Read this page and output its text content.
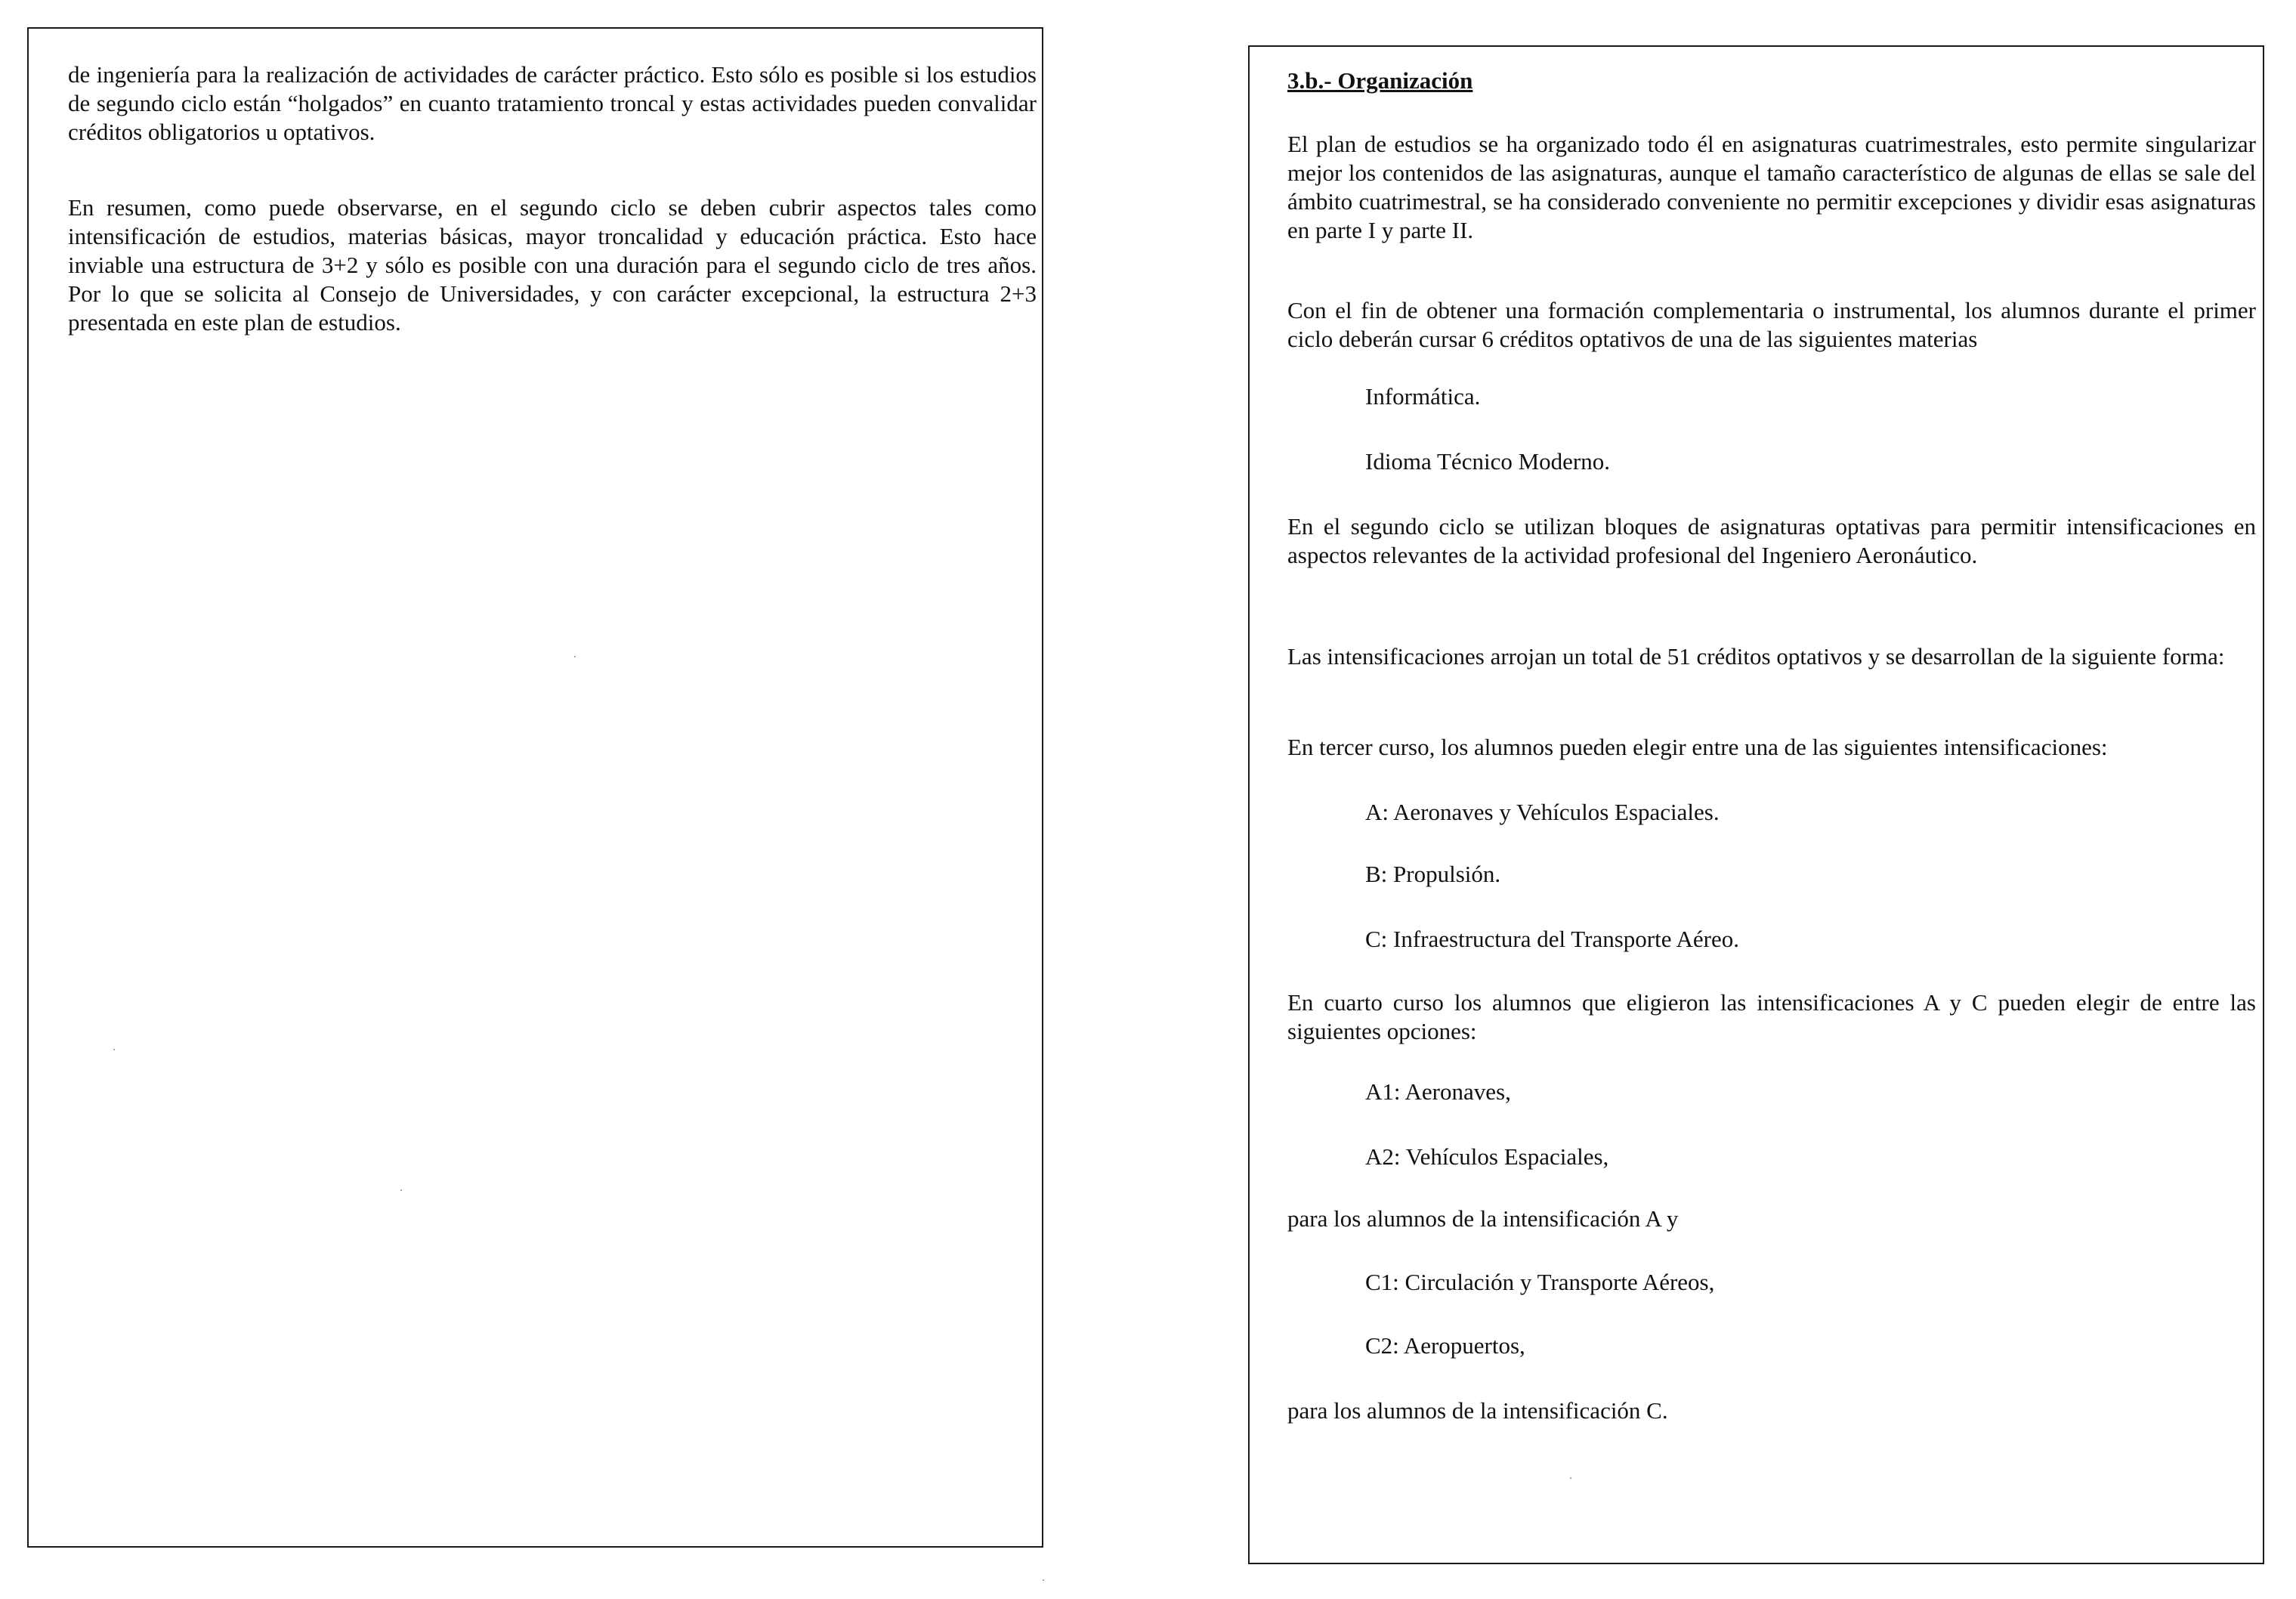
de ingeniería para la realización de actividades de carácter práctico. Esto sólo es posible si los estudios de segundo ciclo están “holgados” en cuanto tratamiento troncal y estas actividades pueden convalidar créditos obligatorios u optativos.

En resumen, como puede observarse, en el segundo ciclo se deben cubrir aspectos tales como intensificación de estudios, materias básicas, mayor troncalidad y educación práctica. Esto hace inviable una estructura de 3+2 y sólo es posible con una duración para el segundo ciclo de tres años. Por lo que se solicita al Consejo de Universidades, y con carácter excepcional, la estructura 2+3 presentada en este plan de estudios.

3.b.- Organización

El plan de estudios se ha organizado todo él en asignaturas cuatrimestrales, esto permite singularizar mejor los contenidos de las asignaturas, aunque el tamaño característico de algunas de ellas se sale del ámbito cuatrimestral, se ha considerado conveniente no permitir excepciones y dividir esas asignaturas en parte I y parte II.

Con el fin de obtener una formación complementaria o instrumental, los alumnos durante el primer ciclo deberán cursar 6 créditos optativos de una de las siguientes materias

Informática.

Idioma Técnico Moderno.

En el segundo ciclo se utilizan bloques de asignaturas optativas para permitir intensificaciones en aspectos relevantes de la actividad profesional del Ingeniero Aeronáutico.

Las intensificaciones arrojan un total de 51 créditos optativos y se desarrollan de la siguiente forma:

En tercer curso, los alumnos pueden elegir entre una de las siguientes intensificaciones:

A: Aeronaves y Vehículos Espaciales.

B: Propulsión.

C: Infraestructura del Transporte Aéreo.

En cuarto curso los alumnos que eligieron las intensificaciones A y C pueden elegir de entre las siguientes opciones:

A1: Aeronaves,

A2: Vehículos Espaciales,

para los alumnos de la intensificación A y

C1: Circulación y Transporte Aéreos,

C2: Aeropuertos,

para los alumnos de la intensificación C.
